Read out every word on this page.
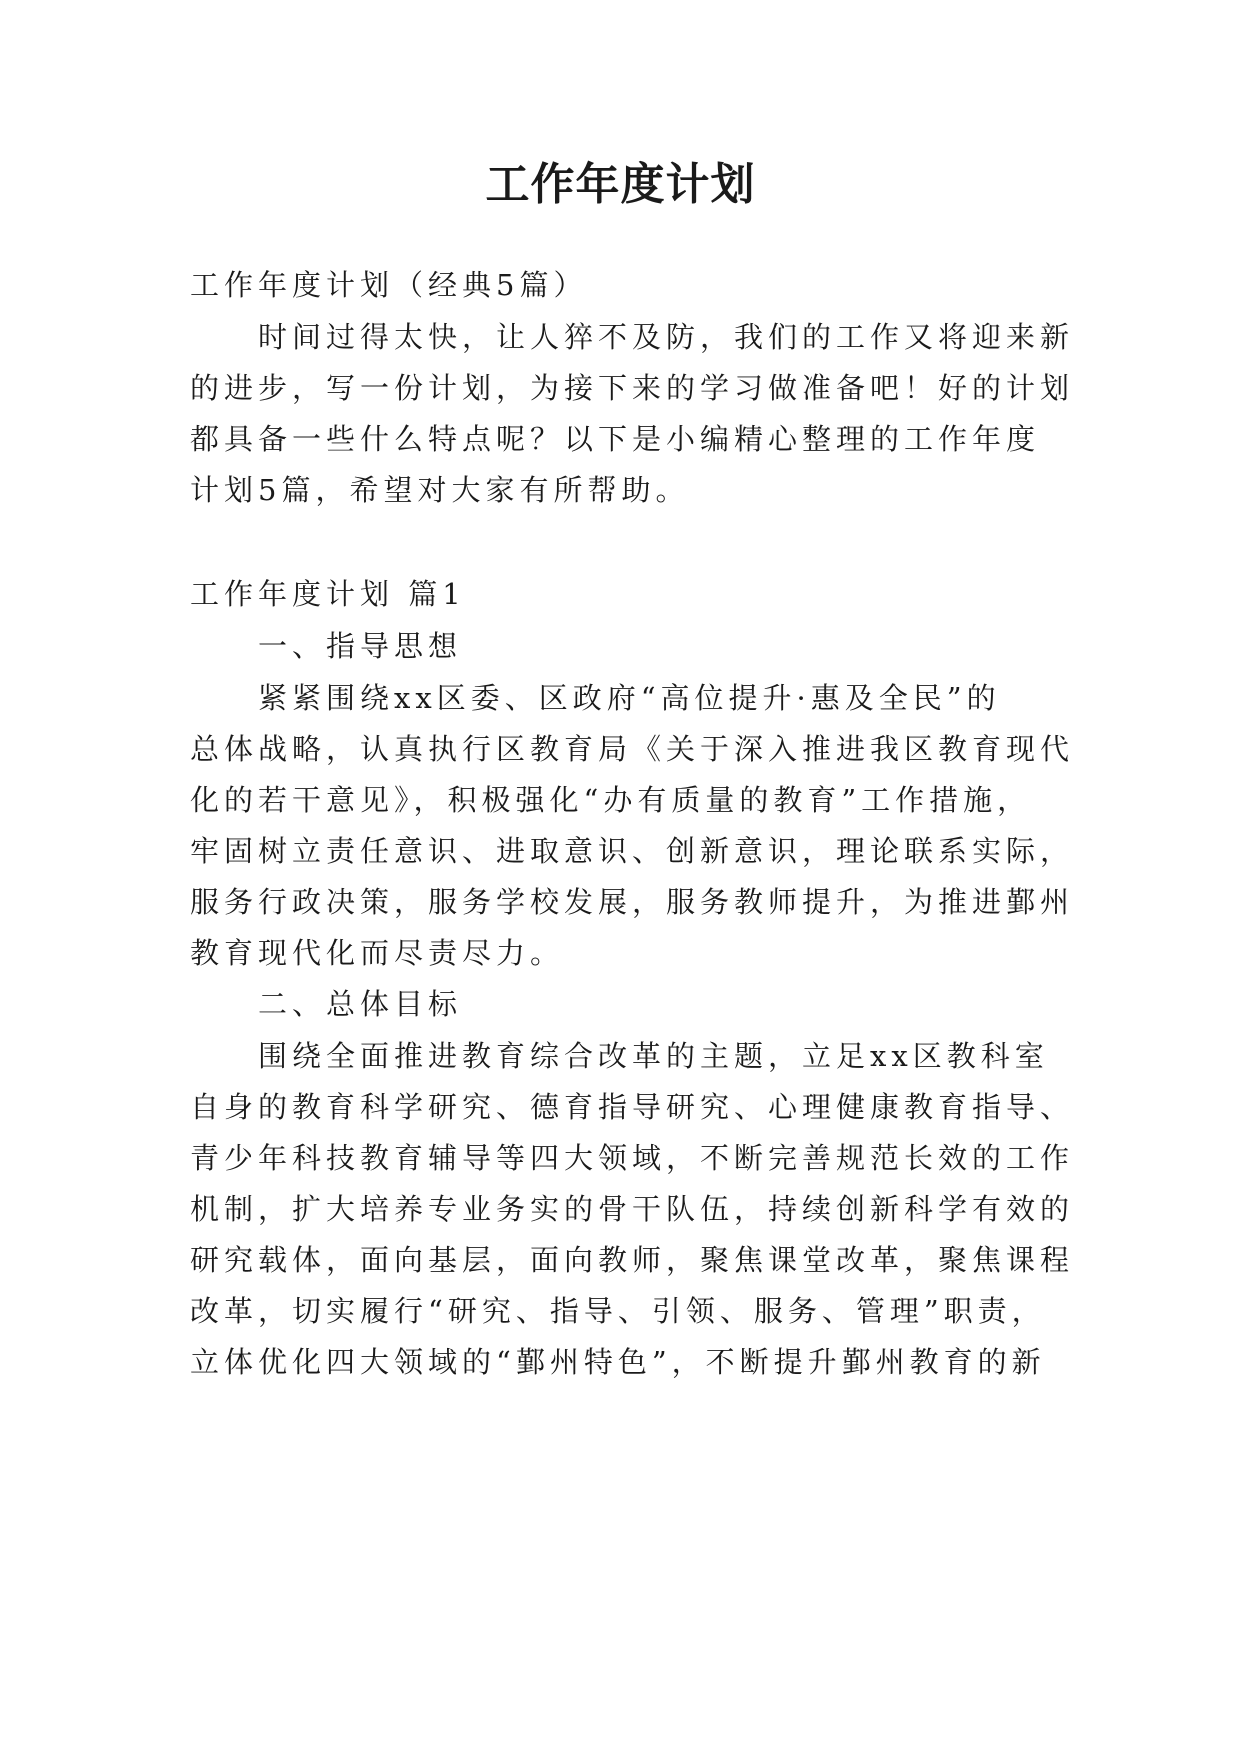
工作年度计划
工作年度计划（经典5篇）
时间过得太快，让人猝不及防，我们的工作又将迎来新
的进步，写一份计划，为接下来的学习做准备吧！好的计划
都具备一些什么特点呢？以下是小编精心整理的工作年度
计划5篇，希望对大家有所帮助。
工作年度计划 篇1
一、指导思想
紧紧围绕xx区委、区政府“高位提升·惠及全民”的
总体战略，认真执行区教育局《关于深入推进我区教育现代
化的若干意见》，积极强化“办有质量的教育”工作措施，
牢固树立责任意识、进取意识、创新意识，理论联系实际，
服务行政决策，服务学校发展，服务教师提升，为推进鄞州
教育现代化而尽责尽力。
二、总体目标
围绕全面推进教育综合改革的主题，立足xx区教科室
自身的教育科学研究、德育指导研究、心理健康教育指导、
青少年科技教育辅导等四大领域，不断完善规范长效的工作
机制，扩大培养专业务实的骨干队伍，持续创新科学有效的
研究载体，面向基层，面向教师，聚焦课堂改革，聚焦课程
改革，切实履行“研究、指导、引领、服务、管理”职责，
立体优化四大领域的“鄞州特色”，不断提升鄞州教育的新
